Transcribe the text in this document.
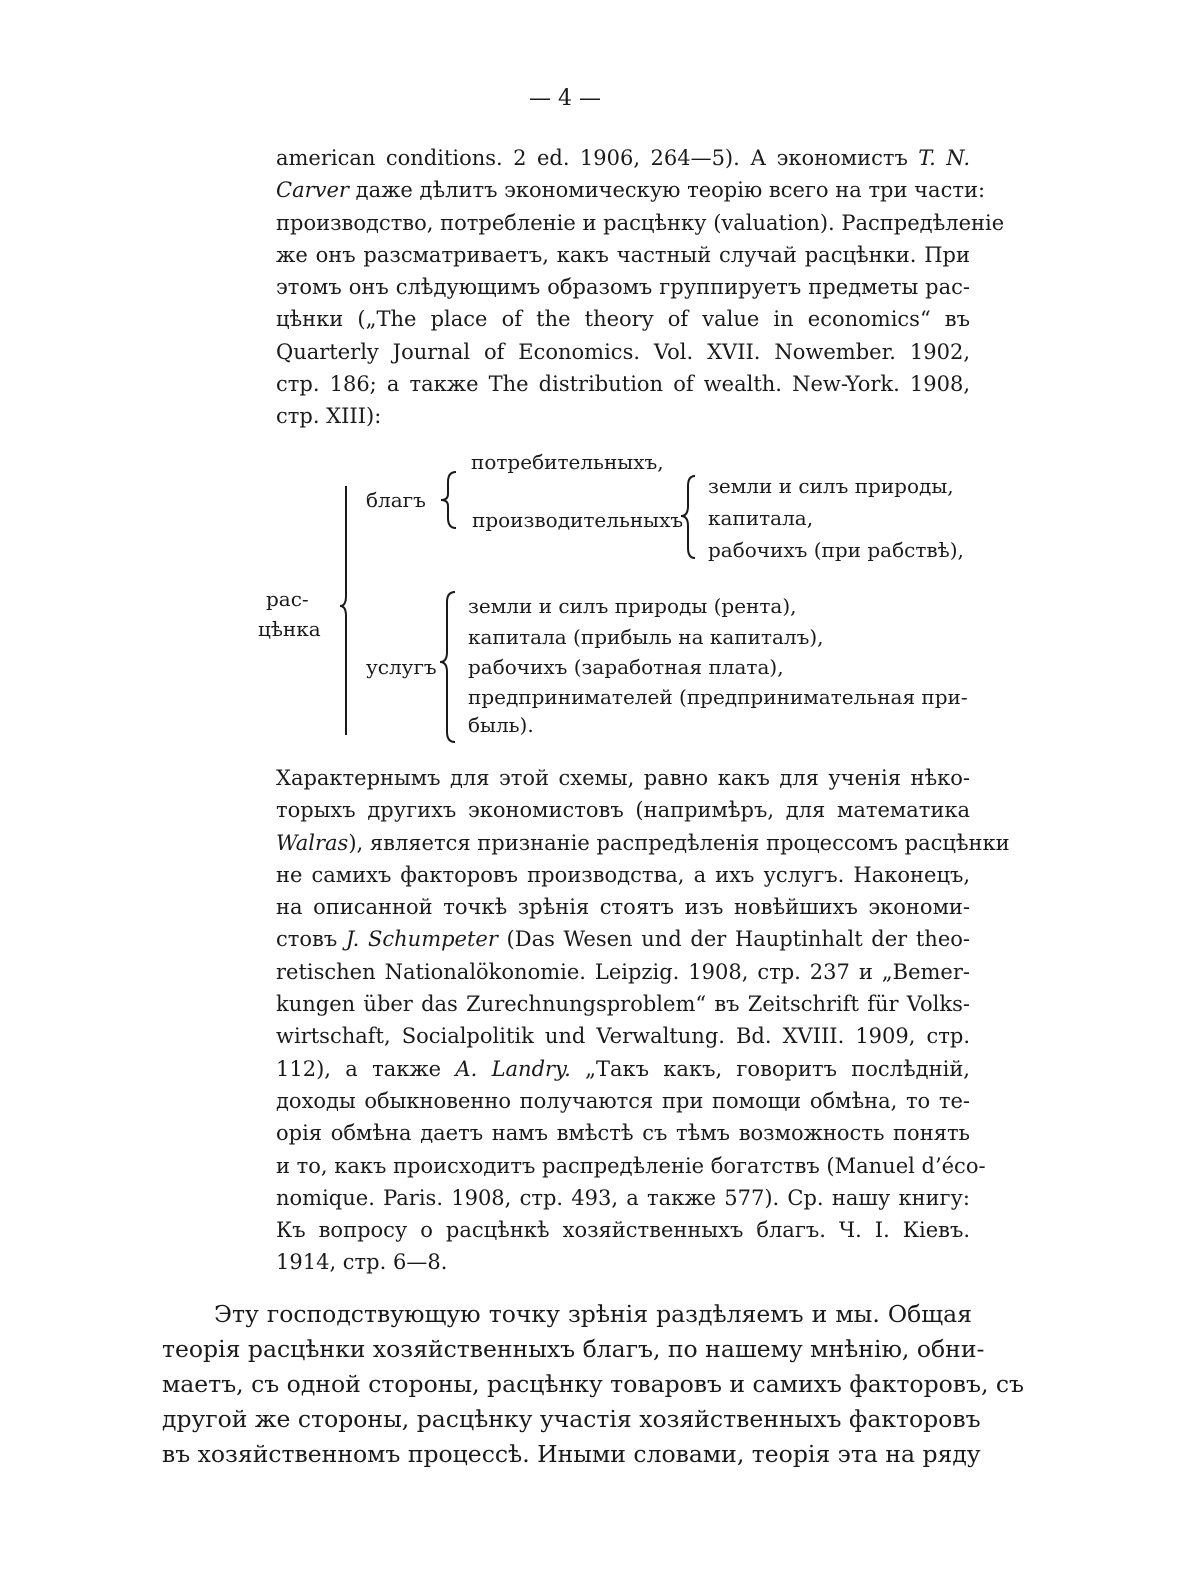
— 4 —
american conditions. 2 ed. 1906, 264—5). А экономистъ T. N.
Carver даже дѣлитъ экономическую теорію всего на три части:
производство, потребленіе и расцѣнку (valuation). Распредѣленіе
же онъ разсматриваетъ, какъ частный случай расцѣнки. При
этомъ онъ слѣдующимъ образомъ группируетъ предметы рас-
цѣнки („The place of the theory of value in economics“ въ
Quarterly Journal of Economics. Vol. XVII. Nowember. 1902,
стр. 186; а также The distribution of wealth. New-York. 1908,
стр. XIII):
рас-
цѣнка
благъ
потребительныхъ,
производительныхъ
земли и силъ природы,
капитала,
рабочихъ (при рабствѣ),
услугъ
земли и силъ природы (рента),
капитала (прибыль на капиталъ),
рабочихъ (заработная плата),
предпринимателей (предпринимательная при-
быль).
Характернымъ для этой схемы, равно какъ для ученія нѣко-
торыхъ другихъ экономистовъ (напримѣръ, для математика
Walras), является признаніе распредѣленія процессомъ расцѣнки
не самихъ факторовъ производства, а ихъ услугъ. Наконецъ,
на описанной точкѣ зрѣнія стоятъ изъ новѣйшихъ экономи-
стовъ J. Schumpeter (Das Wesen und der Hauptinhalt der theo-
retischen Nationalökonomie. Leipzig. 1908, стр. 237 и „Bemer-
kungen über das Zurechnungsproblem“ въ Zeitschrift für Volks-
wirtschaft, Socialpolitik und Verwaltung. Bd. XVIII. 1909, стр.
112), а также A. Landry. „Такъ какъ, говоритъ послѣдній,
доходы обыкновенно получаются при помощи обмѣна, то те-
орія обмѣна даетъ намъ вмѣстѣ съ тѣмъ возможность понять
и то, какъ происходитъ распредѣленіе богатствъ (Manuel d’éco-
nomique. Paris. 1908, стр. 493, а также 577). Ср. нашу книгу:
Къ вопросу о расцѣнкѣ хозяйственныхъ благъ. Ч. I. Кіевъ.
1914, стр. 6—8.
Эту господствующую точку зрѣнія раздѣляемъ и мы. Общая
теорія расцѣнки хозяйственныхъ благъ, по нашему мнѣнію, обни-
маетъ, съ одной стороны, расцѣнку товаровъ и самихъ факторовъ, съ
другой же стороны, расцѣнку участія хозяйственныхъ факторовъ
въ хозяйственномъ процессѣ. Иными словами, теорія эта на ряду
